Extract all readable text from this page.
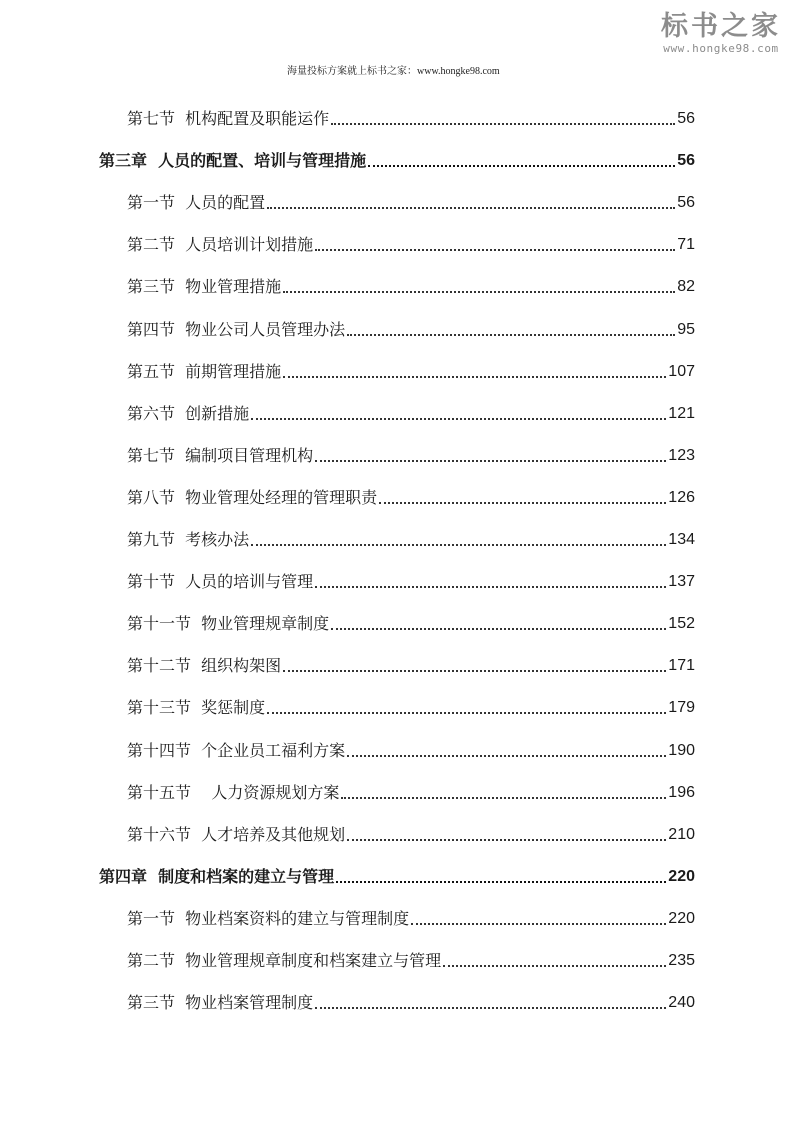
海量投标方案就上标书之家：www.hongke98.com
标书之家
www.hongke98.com
第七节  机构配置及职能运作	56
第三章  人员的配置、培训与管理措施	56
第一节  人员的配置	56
第二节  人员培训计划措施	71
第三节  物业管理措施	82
第四节  物业公司人员管理办法	95
第五节  前期管理措施	107
第六节  创新措施	121
第七节  编制项目管理机构	123
第八节  物业管理处经理的管理职责	126
第九节  考核办法	134
第十节  人员的培训与管理	137
第十一节  物业管理规章制度	152
第十二节  组织构架图	171
第十三节  奖惩制度	179
第十四节  个企业员工福利方案	190
第十五节    人力资源规划方案	196
第十六节  人才培养及其他规划	210
第四章  制度和档案的建立与管理	220
第一节  物业档案资料的建立与管理制度	220
第二节  物业管理规章制度和档案建立与管理	235
第三节  物业档案管理制度	240
